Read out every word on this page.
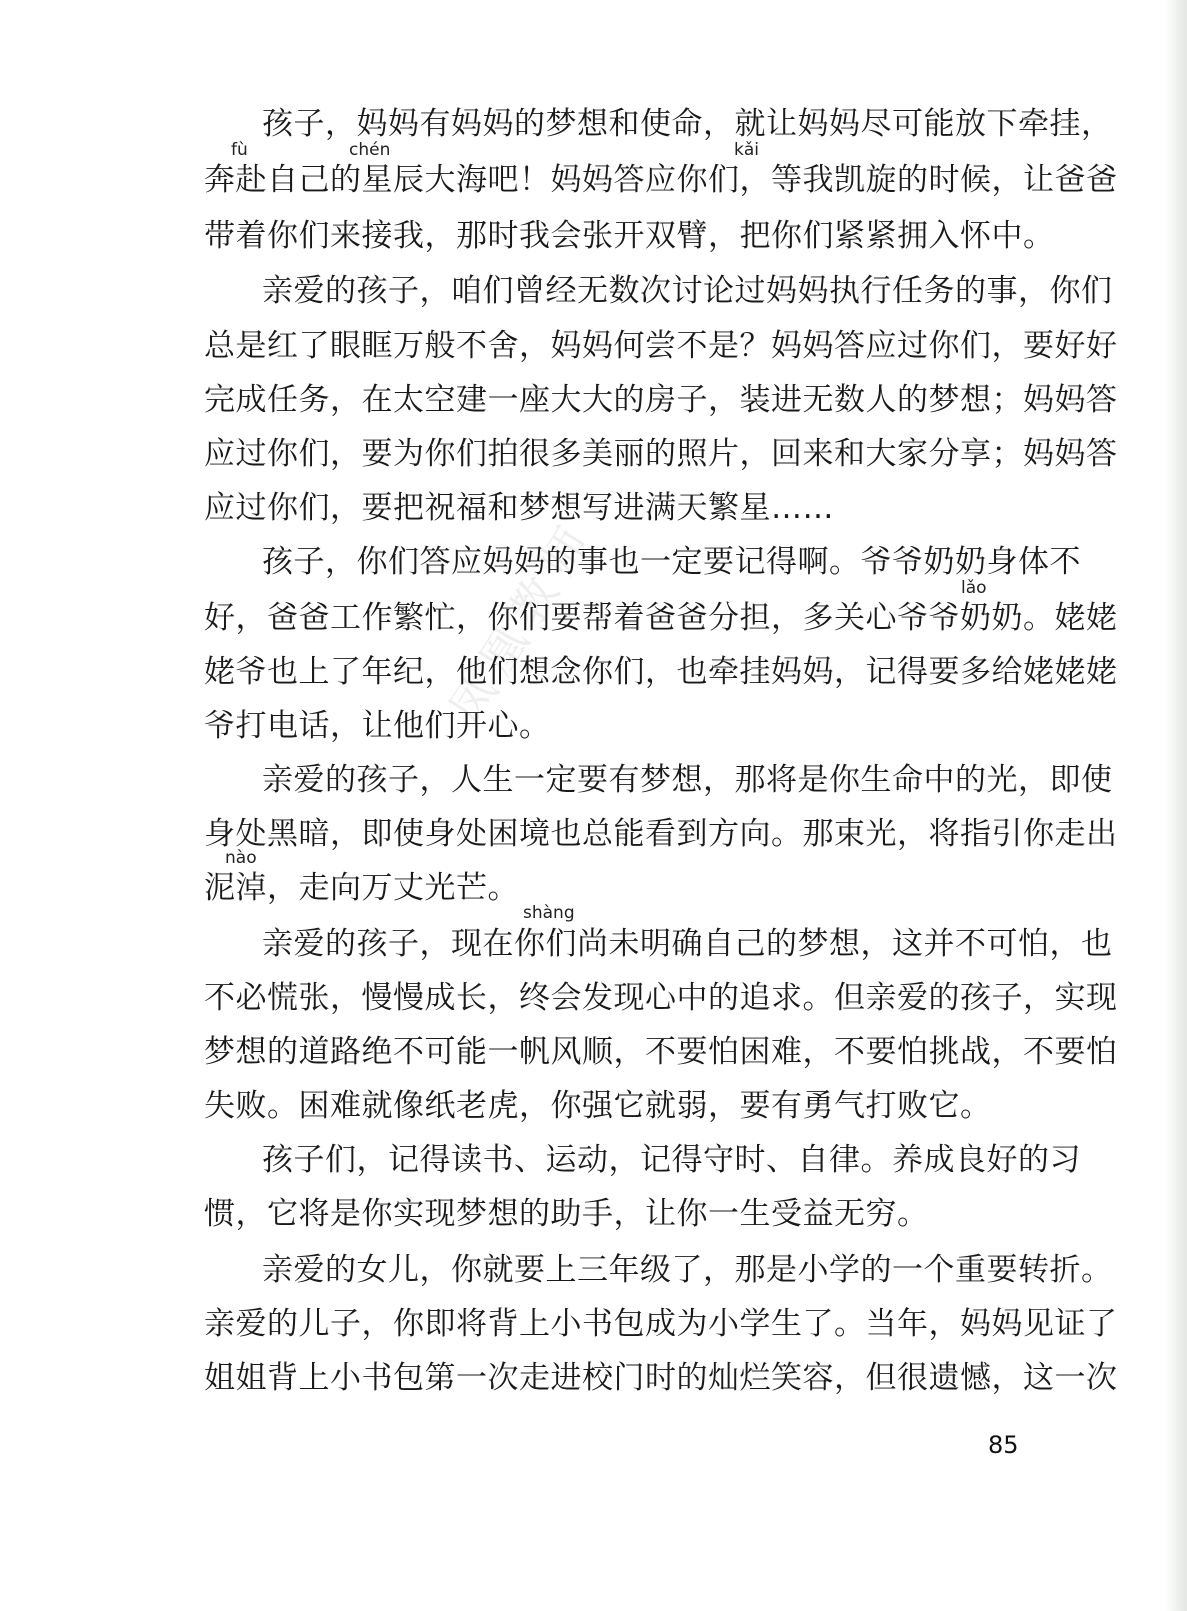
凤凰教师
fù	chén	kǎi
lǎo
nào
shàng
孩子，妈妈有妈妈的梦想和使命，就让妈妈尽可能放下牵挂，
奔赴自己的星辰大海吧！妈妈答应你们，等我凯旋的时候，让爸爸
带着你们来接我，那时我会张开双臂，把你们紧紧拥入怀中。
亲爱的孩子，咱们曾经无数次讨论过妈妈执行任务的事，你们
总是红了眼眶万般不舍，妈妈何尝不是？妈妈答应过你们，要好好
完成任务，在太空建一座大大的房子，装进无数人的梦想；妈妈答
应过你们，要为你们拍很多美丽的照片，回来和大家分享；妈妈答
应过你们，要把祝福和梦想写进满天繁星……
孩子，你们答应妈妈的事也一定要记得啊。爷爷奶奶身体不
好，爸爸工作繁忙，你们要帮着爸爸分担，多关心爷爷奶奶。姥姥
姥爷也上了年纪，他们想念你们，也牵挂妈妈，记得要多给姥姥姥
爷打电话，让他们开心。
亲爱的孩子，人生一定要有梦想，那将是你生命中的光，即使
身处黑暗，即使身处困境也总能看到方向。那束光，将指引你走出
泥淖，走向万丈光芒。
亲爱的孩子，现在你们尚未明确自己的梦想，这并不可怕，也
不必慌张，慢慢成长，终会发现心中的追求。但亲爱的孩子，实现
梦想的道路绝不可能一帆风顺，不要怕困难，不要怕挑战，不要怕
失败。困难就像纸老虎，你强它就弱，要有勇气打败它。
孩子们，记得读书、运动，记得守时、自律。养成良好的习
惯，它将是你实现梦想的助手，让你一生受益无穷。
亲爱的女儿，你就要上三年级了，那是小学的一个重要转折。
亲爱的儿子，你即将背上小书包成为小学生了。当年，妈妈见证了
姐姐背上小书包第一次走进校门时的灿烂笑容，但很遗憾，这一次
85
